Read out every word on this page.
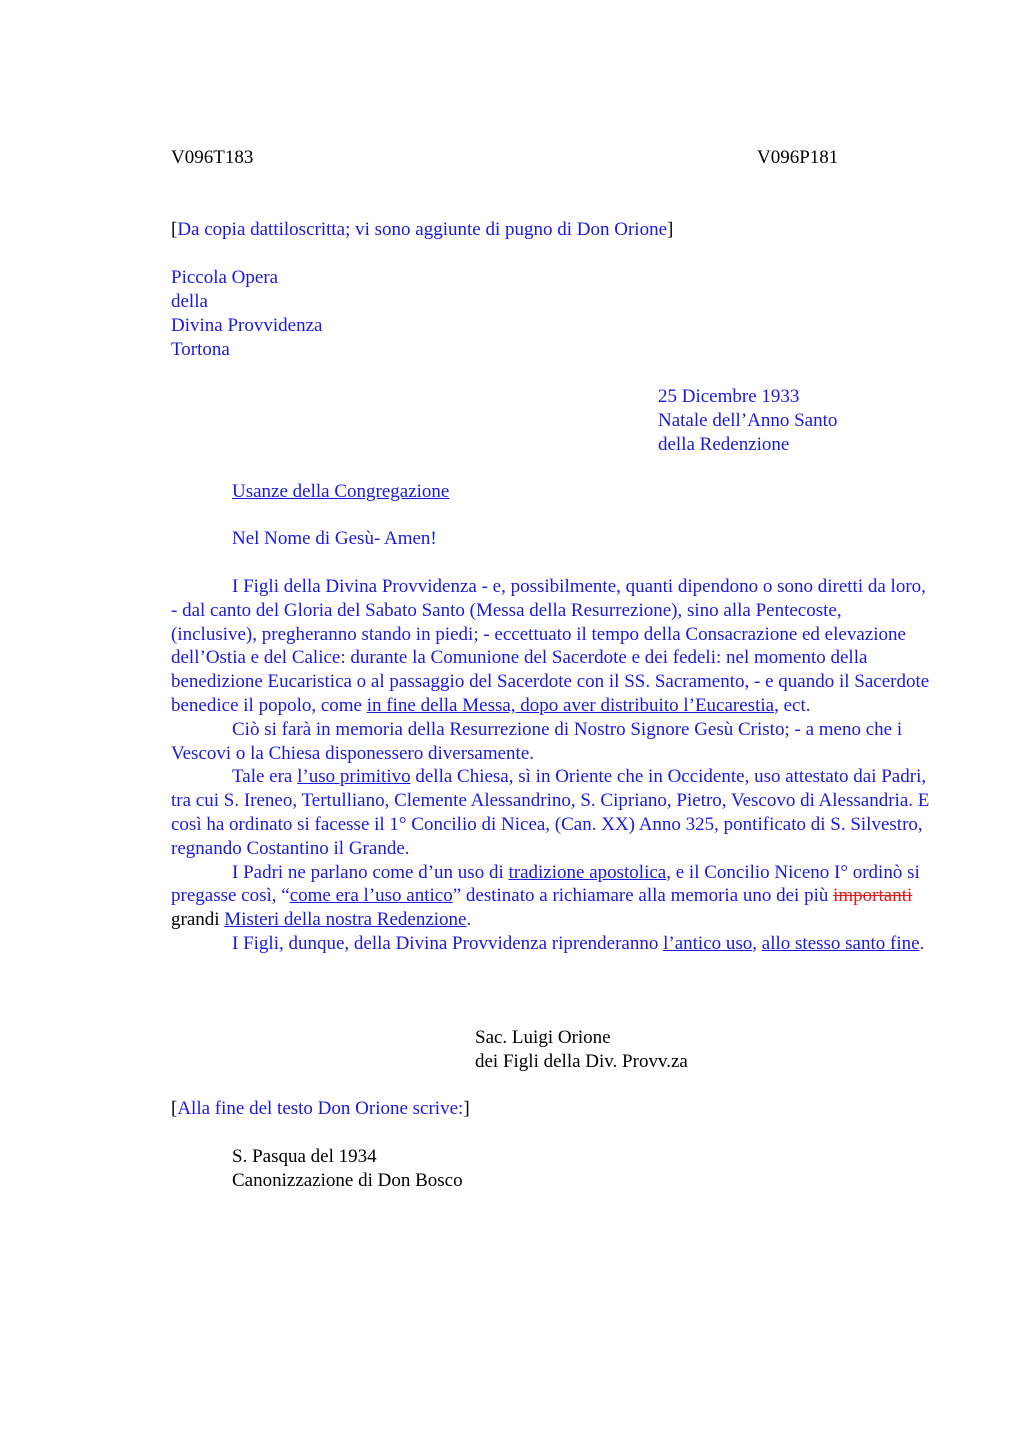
V096T183	V096P181
[Da copia dattiloscritta; vi sono aggiunte di pugno di Don Orione]
Piccola Opera
della
Divina Provvidenza
Tortona
25 Dicembre 1933
Natale dell’Anno Santo
della Redenzione
Usanze della Congregazione
Nel Nome di Gesù- Amen!

I Figli della Divina Provvidenza - e, possibilmente, quanti dipendono o sono diretti da loro, - dal canto del Gloria del Sabato Santo (Messa della Resurrezione), sino alla Pentecoste, (inclusive), pregheranno stando in piedi; - eccettuato il tempo della Consacrazione ed elevazione dell’Ostia e del Calice: durante la Comunione del Sacerdote e dei fedeli: nel momento della benedizione Eucaristica o al passaggio del Sacerdote con il SS. Sacramento, - e quando il Sacerdote benedice il popolo, come in fine della Messa, dopo aver distribuito l’Eucarestia, ect.

Ciò si farà in memoria della Resurrezione di Nostro Signore Gesù Cristo; - a meno che i Vescovi o la Chiesa disponessero diversamente.

Tale era l’uso primitivo della Chiesa, sì in Oriente che in Occidente, uso attestato dai Padri, tra cui S. Ireneo, Tertulliano, Clemente Alessandrino, S. Cipriano, Pietro, Vescovo di Alessandria. E così ha ordinato si facesse il 1° Concilio di Nicea, (Can. XX) Anno 325, pontificato di S. Silvestro, regnando Costantino il Grande.

I Padri ne parlano come d’un uso di tradizione apostolica, e il Concilio Niceno I° ordinò si pregasse così, “come era l’uso antico” destinato a richiamare alla memoria uno dei più importanti grandi Misteri della nostra Redenzione.

I Figli, dunque, della Divina Provvidenza riprenderanno l’antico uso, allo stesso santo fine.

Sac. Luigi Orione
dei Figli della Div. Provv.za
[Alla fine del testo Don Orione scrive:]
S. Pasqua del 1934
Canonizzazione di Don Bosco
